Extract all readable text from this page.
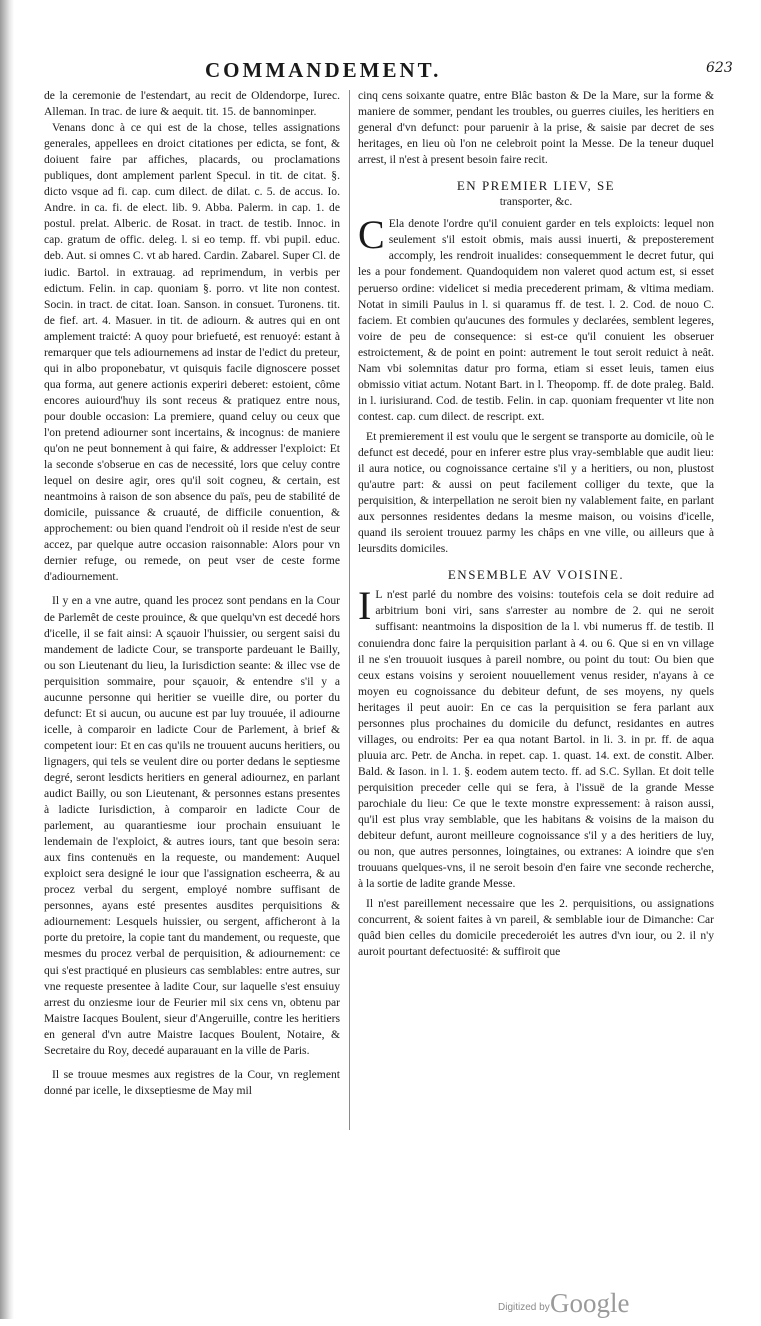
COMMANDEMENT.	623

de la ceremonie de l'estendart, au recit de Oldendorpe, Iurec. Alleman. In trac. de iure & aequit. tit. 15. de bannominper.

Venans donc à ce qui est de la chose, telles assignations generales, appellees en droict citationes per edicta, se font, & doiuent faire par affiches, placards, ou proclamations publiques, dont amplement parlent Specul. in tit. de citat. §. dicto vsque ad fi. cap. cum dilect. de dilat. c. 5. de accus. Io. Andre. in ca. fi. de elect. lib. 9. Abba. Palerm. in cap. 1. de postul. prelat. Alberic. de Rosat. in tract. de testib. Innoc. in cap. gratum de offic. deleg. l. si eo temp. ff. vbi pupil. educ. deb. Aut. si omnes C. vt ab hared. Cardin. Zabarel. Super Cl. de iudic. Bartol. in extrauag. ad reprimendum, in verbis per edictum. Felin. in cap. quoniam §. porro. vt lite non contest. Socin. in tract. de citat. Ioan. Sanson. in consuet. Turonens. tit. de fief. art. 4. Masuer. in tit. de adiourn. & autres qui en ont amplement traicté: A quoy pour briefueté, est renuoyé: estant à remarquer que tels adiournemens ad instar de l'edict du preteur, qui in albo proponebatur, vt quisquis facile dignoscere posset qua forma, aut genere actionis experiri deberet: estoient, côme encores auiourd'huy ils sont receus & pratiquez entre nous, pour double occasion: La premiere, quand celuy ou ceux que l'on pretend adiourner sont incertains, & incognus: de maniere qu'on ne peut bonnement à qui faire, & addresser l'exploict: Et la seconde s'obserue en cas de necessité, lors que celuy contre lequel on desire agir, ores qu'il soit cogneu, & certain, est neantmoins à raison de son absence du païs, peu de stabilité de domicile, puissance & cruauté, de difficile conuention, & approchement: ou bien quand l'endroit où il reside n'est de seur accez, par quelque autre occasion raisonnable: Alors pour vn dernier refuge, ou remede, on peut vser de ceste forme d'adiournement.

Il y en a vne autre, quand les procez sont pendans en la Cour de Parlemêt de ceste prouince, & que quelqu'vn est decedé hors d'icelle, il se fait ainsi: A sçauoir l'huissier, ou sergent saisi du mandement de ladicte Cour, se transporte pardeuant le Bailly, ou son Lieutenant du lieu, la Iurisdiction seante: & illec vse de perquisition sommaire, pour sçauoir, & entendre s'il y a aucunne personne qui heritier se vueille dire, ou porter du defunct: Et si aucun, ou aucune est par luy trouuée, il adiourne icelle, à comparoir en ladicte Cour de Parlement, à brief & competent iour: Et en cas qu'ils ne trouuent aucuns heritiers, ou lignagers, qui tels se veulent dire ou porter dedans le septiesme degré, seront lesdicts heritiers en general adiournez, en parlant audict Bailly, ou son Lieutenant, & personnes estans presentes à ladicte Iurisdiction, à comparoir en ladicte Cour de parlement, au quarantiesme iour prochain ensuiuant le lendemain de l'exploict, & autres iours, tant que besoin sera: aux fins contenuës en la requeste, ou mandement: Auquel exploict sera designé le iour que l'assignation escheerra, & au procez verbal du sergent, employé nombre suffisant de personnes, ayans esté presentes ausdites perquisitions & adiournement: Lesquels huissier, ou sergent, afficheront à la porte du pretoire, la copie tant du mandement, ou requeste, que mesmes du procez verbal de perquisition, & adiournement: ce qui s'est practiqué en plusieurs cas semblables: entre autres, sur vne requeste presentee à ladite Cour, sur laquelle s'est ensuiuy arrest du onziesme iour de Feurier mil six cens vn, obtenu par Maistre Iacques Boulent, sieur d'Angeruille, contre les heritiers en general d'vn autre Maistre Iacques Boulent, Notaire, & Secretaire du Roy, decedé auparauant en la ville de Paris.

Il se trouue mesmes aux registres de la Cour, vn reglement donné par icelle, le dixseptiesme de May mil

cinq cens soixante quatre, entre Blâc baston & De la Mare, sur la forme & maniere de sommer, pendant les troubles, ou guerres ciuiles, les heritiers en general d'vn defunct: pour paruenir à la prise, & saisie par decret de ses heritages, en lieu où l'on ne celebroit point la Messe. De la teneur duquel arrest, il n'est à present besoin faire recit.

EN PREMIER LIEV, SE
transporter, &c.

C Ela denote l'ordre qu'il conuient garder en tels exploicts: lequel non seulement s'il estoit obmis, mais aussi inuerti, & preposterement accomply, les rendroit inualides: consequemment le decret futur, qui les a pour fondement. Quandoquidem non valeret quod actum est, si esset peruerso ordine: videlicet si media precederent primam, & vltima mediam. Notat in simili Paulus in l. si quaramus ff. de test. l. 2. Cod. de nouo C. faciem. Et combien qu'aucunes des formules y declarées, semblent legeres, voire de peu de consequence: si est-ce qu'il conuient les obseruer estroictement, & de point en point: autrement le tout seroit reduict à neât. Nam vbi solemnitas datur pro forma, etiam si esset leuis, tamen eius obmissio vitiat actum. Notant Bart. in l. Theopomp. ff. de dote praleg. Bald. in l. iurisiurand. Cod. de testib. Felin. in cap. quoniam frequenter vt lite non contest. cap. cum dilect. de rescript. ext.

Et premierement il est voulu que le sergent se transporte au domicile, où le defunct est decedé, pour en inferer estre plus vray-semblable que audit lieu: il aura notice, ou cognoissance certaine s'il y a heritiers, ou non, plustost qu'autre part: & aussi on peut facilement colliger du texte, que la perquisition, & interpellation ne seroit bien ny valablement faite, en parlant aux personnes residentes dedans la mesme maison, ou voisins d'icelle, quand ils seroient trouuez parmy les châps en vne ville, ou ailleurs que à leursdits domiciles.

ENSEMBLE AV VOISINE.

I L n'est parlé du nombre des voisins: toutefois cela se doit reduire ad arbitrium boni viri, sans s'arrester au nombre de 2. qui ne seroit suffisant: neantmoins la disposition de la l. vbi numerus ff. de testib. Il conuiendra donc faire la perquisition parlant à 4. ou 6. Que si en vn village il ne s'en trouuoit iusques à pareil nombre, ou point du tout: Ou bien que ceux estans voisins y seroient nouuellement venus resider, n'ayans à ce moyen eu cognoissance du debiteur defunt, de ses moyens, ny quels heritages il peut auoir: En ce cas la perquisition se fera parlant aux personnes plus prochaines du domicile du defunct, residantes en autres villages, ou endroits: Per ea qua notant Bartol. in li. 3. in pr. ff. de aqua pluuia arc. Petr. de Ancha. in repet. cap. 1. quast. 14. ext. de constit. Alber. Bald. & Iason. in l. 1. §. eodem autem tecto. ff. ad S.C. Syllan. Et doit telle perquisition preceder celle qui se fera, à l'issuë de la grande Messe parochiale du lieu: Ce que le texte monstre expressement: à raison aussi, qu'il est plus vray semblable, que les habitans & voisins de la maison du debiteur defunt, auront meilleure cognoissance s'il y a des heritiers de luy, ou non, que autres personnes, loingtaines, ou extranes: A ioindre que s'en trouuans quelques-vns, il ne seroit besoin d'en faire vne seconde recherche, à la sortie de ladite grande Messe.

Il n'est pareillement necessaire que les 2. perquisitions, ou assignations concurrent, & soient faites à vn pareil, & semblable iour de Dimanche: Car quâd bien celles du domicile precederoiét les autres d'vn iour, ou 2. il n'y auroit pourtant defectuosité: & suffiroit que

Digitized by Google
